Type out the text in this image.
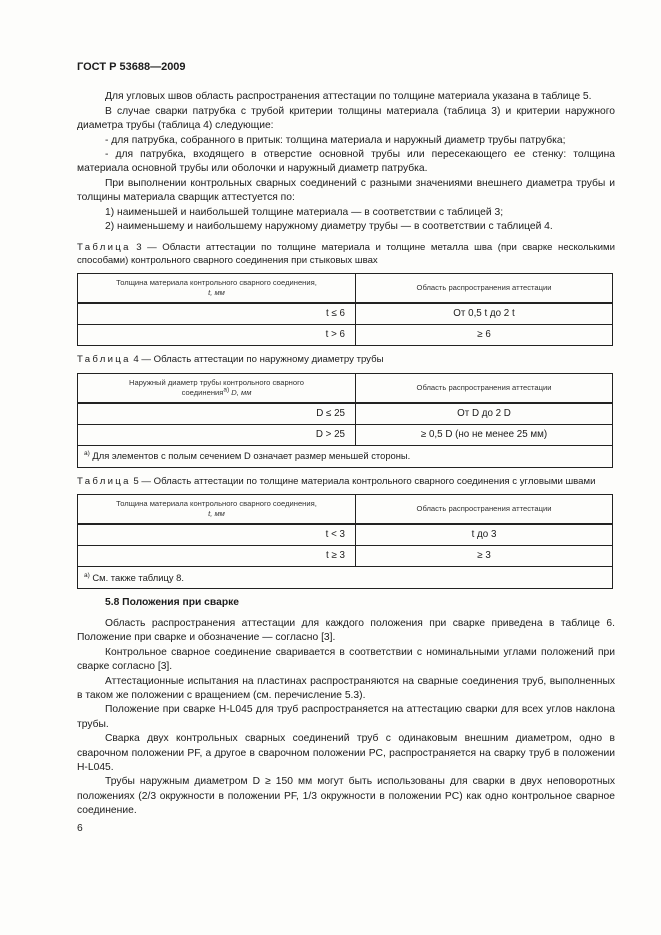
ГОСТ Р 53688—2009

Для угловых швов область распространения аттестации по толщине материала указана в таблице 5.

В случае сварки патрубка с трубой критерии толщины материала (таблица 3) и критерии наружного диаметра трубы (таблица 4) следующие:

- для патрубка, собранного в притык: толщина материала и наружный диаметр трубы патрубка;

- для патрубка, входящего в отверстие основной трубы или пересекающего ее стенку: толщина материала основной трубы или оболочки и наружный диаметр патрубка.

При выполнении контрольных сварных соединений с разными значениями внешнего диаметра трубы и толщины материала сварщик аттестуется по:

1) наименьшей и наибольшей толщине материала — в соответствии с таблицей 3;

2) наименьшему и наибольшему наружному диаметру трубы — в соответствии с таблицей 4.

Таблица 3 — Области аттестации по толщине материала и толщине металла шва (при сварке несколькими способами) контрольного сварного соединения при стыковых швах
Толщина материала контрольного сварного соединения,
t, мм	Область распространения аттестации
t ≤ 6	От 0,5 t до 2 t
t > 6	≥ 6
Таблица 4 — Область аттестации по наружному диаметру трубы
Наружный диаметр трубы контрольного сварного
соединения$^{а)}$ D, мм	Область распространения аттестации
D ≤ 25	От D до 2 D
D > 25	≥ 0,5 D (но не менее 25 мм)
$^{а)}$ Для элементов с полым сечением D означает размер меньшей стороны.	
Таблица 5 — Область аттестации по толщине материала контрольного сварного соединения с угловыми швами
Толщина материала контрольного сварного соединения,
t, мм	Область распространения аттестации
t < 3	t до 3
t ≥ 3	≥ 3
$^{а)}$ См. также таблицу 8.	
5.8 Положения при сварке

Область распространения аттестации для каждого положения при сварке приведена в таблице 6. Положение при сварке и обозначение — согласно [3].

Контрольное сварное соединение сваривается в соответствии с номинальными углами положений при сварке согласно [3].

Аттестационные испытания на пластинах распространяются на сварные соединения труб, выполненных в таком же положении с вращением (см. перечисление 5.3).

Положение при сварке Н-L045 для труб распространяется на аттестацию сварки для всех углов наклона трубы.

Сварка двух контрольных сварных соединений труб с одинаковым внешним диаметром, одно в сварочном положении PF, а другое в сварочном положении PC, распространяется на сварку труб в положении Н-L045.

Трубы наружным диаметром D ≥ 150 мм могут быть использованы для сварки в двух неповоротных положениях (2/3 окружности в положении PF, 1/3 окружности в положении PC) как одно контрольное сварное соединение.

6
